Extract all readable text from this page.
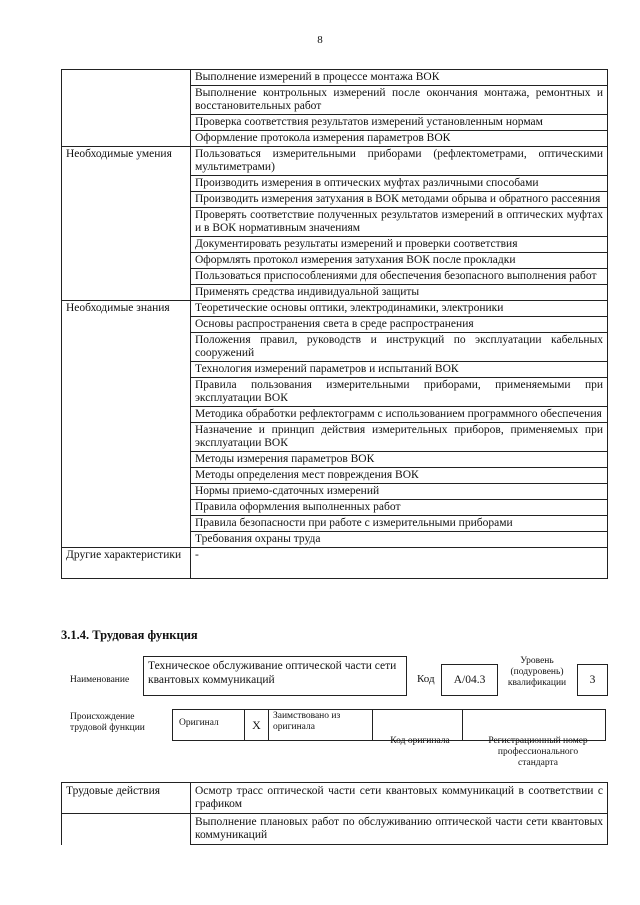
8
	Выполнение измерений в процессе монтажа ВОК
	Выполнение контрольных измерений после окончания монтажа, ремонтных и восстановительных работ
	Проверка соответствия результатов измерений установленным нормам
	Оформление протокола измерения параметров ВОК
Необходимые умения	Пользоваться измерительными приборами (рефлектометрами, оптическими мультиметрами)
	Производить измерения в оптических муфтах различными способами
	Производить измерения затухания в ВОК методами обрыва и обратного рассеяния
	Проверять соответствие полученных результатов измерений в оптических муфтах и в ВОК нормативным значениям
	Документировать результаты измерений и проверки соответствия
	Оформлять протокол измерения затухания ВОК после прокладки
	Пользоваться приспособлениями для обеспечения безопасного выполнения работ
	Применять средства индивидуальной защиты
Необходимые знания	Теоретические основы оптики, электродинамики, электроники
	Основы распространения света в среде распространения
	Положения правил, руководств и инструкций по эксплуатации кабельных сооружений
	Технология измерений параметров и испытаний ВОК
	Правила пользования измерительными приборами, применяемыми при эксплуатации ВОК
	Методика обработки рефлектограмм с использованием программного обеспечения
	Назначение и принцип действия измерительных приборов, применяемых при эксплуатации ВОК
	Методы измерения параметров ВОК
	Методы определения мест повреждения ВОК
	Нормы приемо-сдаточных измерений
	Правила оформления выполненных работ
	Правила безопасности при работе с измерительными приборами
	Требования охраны труда
Другие характеристики	-
3.1.4. Трудовая функция
Наименование
Техническое обслуживание оптической части сети квантовых коммуникаций	Код	А/04.3
Уровень (подуровень) квалификации	3
Происхождение трудовой функции	Оригинал	X
Заимствовано из оригинала
Код оригинала	Регистрационный номер профессионального стандарта
Трудовые действия	Осмотр трасс оптической части сети квантовых коммуникаций в соответствии с графиком
	Выполнение плановых работ по обслуживанию оптической части сети квантовых коммуникаций
